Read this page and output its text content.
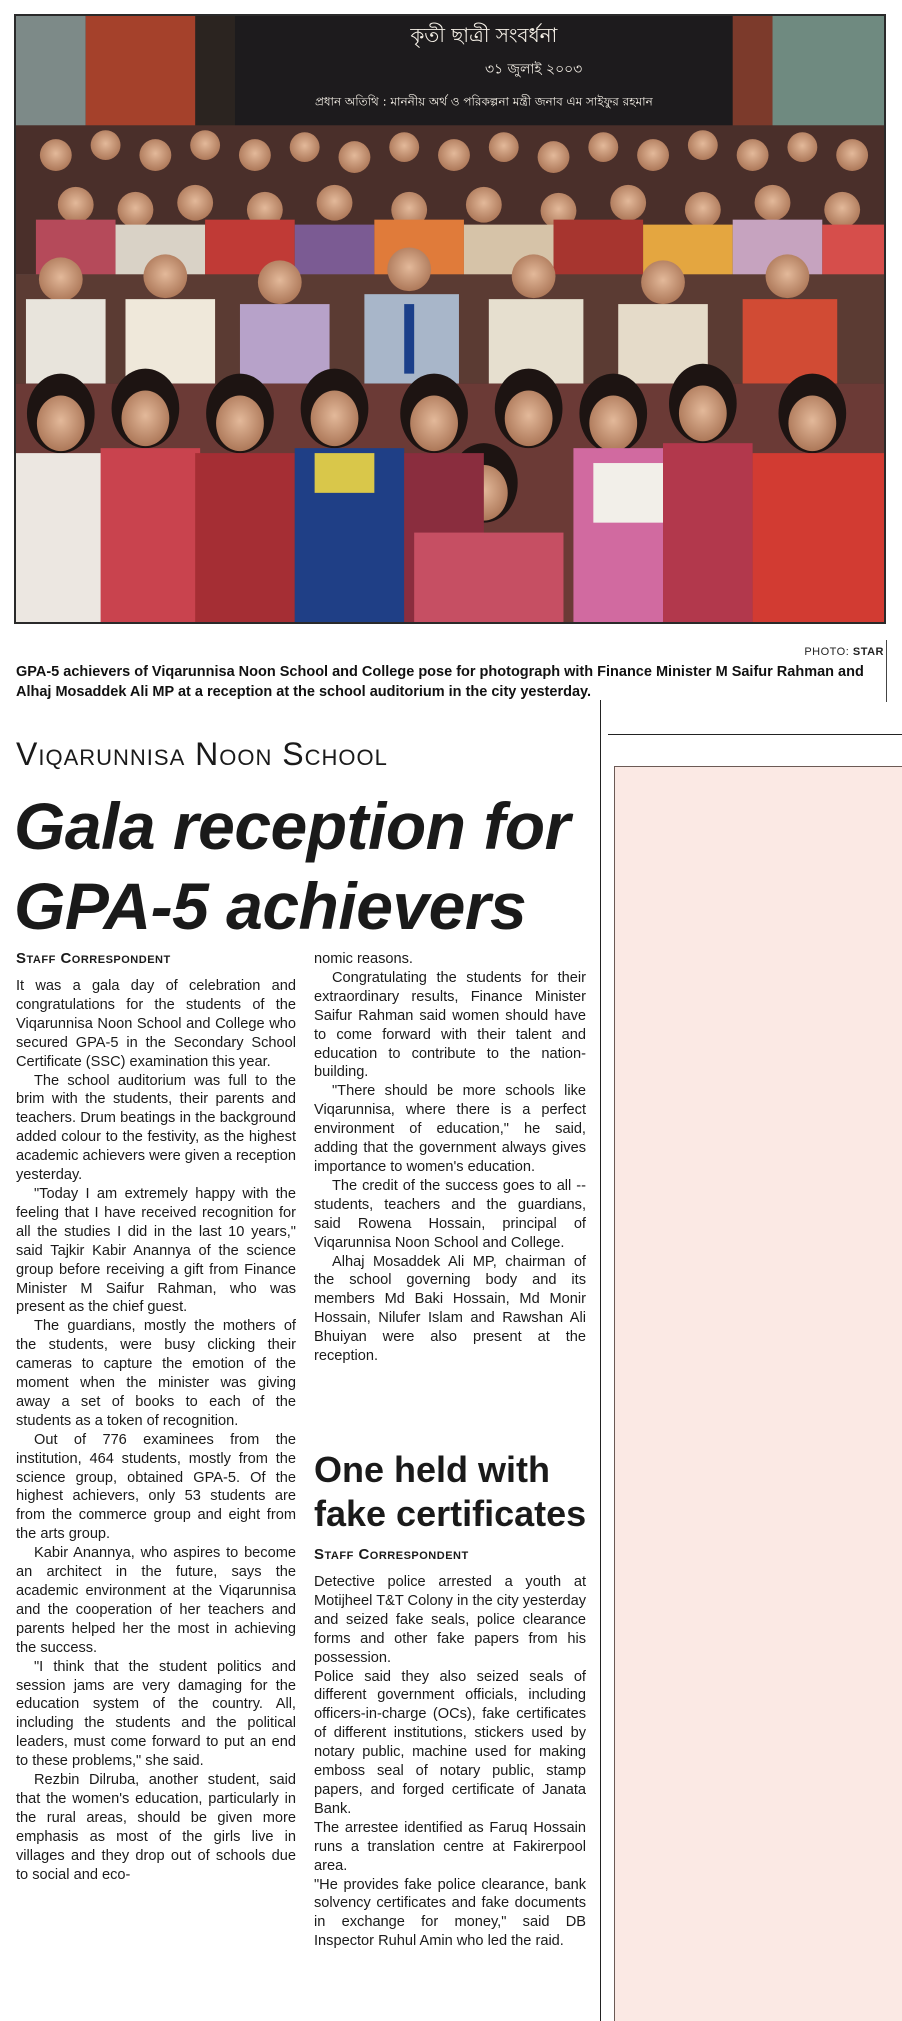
কৃতী ছাত্রী সংবর্ধনা
৩১ জুলাই ২০০৩
প্রধান অতিথি : মাননীয় অর্থ ও পরিকল্পনা মন্ত্রী জনাব এম সাইফুর রহমান
PHOTO: STAR
GPA-5 achievers of Viqarunnisa Noon School and College pose for photograph with Finance Minister M Saifur Rahman and Alhaj Mosaddek Ali MP at a reception at the school auditorium in the city yesterday.
Viqarunnisa Noon School
Gala reception for GPA-5 achievers
Staff Correspondent

It was a gala day of celebration and congratulations for the students of the Viqarunnisa Noon School and College who secured GPA-5 in the Secondary School Certificate (SSC) examination this year.

The school auditorium was full to the brim with the students, their parents and teachers. Drum beatings in the background added colour to the festivity, as the highest academic achievers were given a reception yesterday.

"Today I am extremely happy with the feeling that I have received recognition for all the studies I did in the last 10 years," said Tajkir Kabir Anannya of the science group before receiving a gift from Finance Minister M Saifur Rahman, who was present as the chief guest.

The guardians, mostly the mothers of the students, were busy clicking their cameras to capture the emotion of the moment when the minister was giving away a set of books to each of the students as a token of recognition.

Out of 776 examinees from the institution, 464 students, mostly from the science group, obtained GPA-5. Of the highest achievers, only 53 students are from the commerce group and eight from the arts group.

Kabir Anannya, who aspires to become an architect in the future, says the academic environment at the Viqarunnisa and the cooperation of her teachers and parents helped her the most in achieving the success.

"I think that the student politics and session jams are very damaging for the education system of the country. All, including the students and the political leaders, must come forward to put an end to these problems," she said.

Rezbin Dilruba, another student, said that the women's education, particularly in the rural areas, should be given more emphasis as most of the girls live in villages and they drop out of schools due to social and eco-

nomic reasons.

Congratulating the students for their extraordinary results, Finance Minister Saifur Rahman said women should have to come forward with their talent and education to contribute to the nation-building.

"There should be more schools like Viqarunnisa, where there is a perfect environment of education," he said, adding that the government always gives importance to women's education.

The credit of the success goes to all -- students, teachers and the guardians, said Rowena Hossain, principal of Viqarunnisa Noon School and College.

Alhaj Mosaddek Ali MP, chairman of the school governing body and its members Md Baki Hossain, Md Monir Hossain, Nilufer Islam and Rawshan Ali Bhuiyan were also present at the reception.

One held with fake certificates
Staff Correspondent

Detective police arrested a youth at Motijheel T&T Colony in the city yesterday and seized fake seals, police clearance forms and other fake papers from his possession.

Police said they also seized seals of different government officials, including officers-in-charge (OCs), fake certificates of different institutions, stickers used by notary public, machine used for making emboss seal of notary public, stamp papers, and forged certificate of Janata Bank.

The arrestee identified as Faruq Hossain runs a translation centre at Fakirerpool area.

"He provides fake police clearance, bank solvency certificates and fake documents in exchange for money," said DB Inspector Ruhul Amin who led the raid.
